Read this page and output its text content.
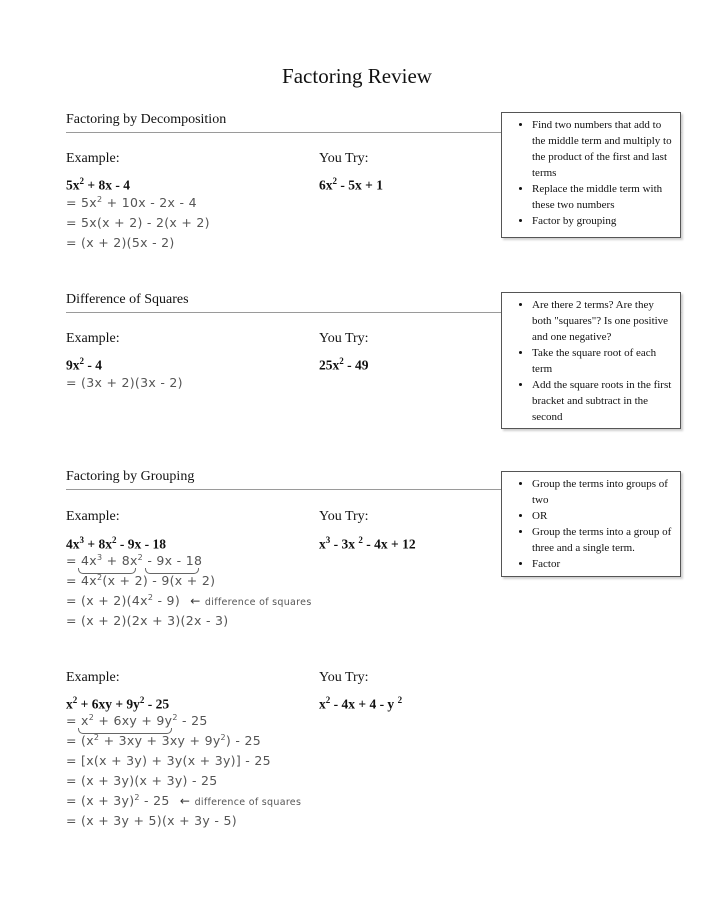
Factoring Review
Factoring by Decomposition	• Find two numbers that add to the middle term and multiply to the product of the first and last terms
• Replace the middle term with these two numbers
• Factor by grouping
Example:	You Try:
$5x^2 + 8x - 4$	$6x^2 - 5x + 1$
= $5x^2 + 10x - 2x - 4$
= 5x(x + 2) - 2(x + 2)
= (x + 2)(5x - 2)
Difference of Squares	• Are there 2 terms? Are they both "squares"? Is one positive and one negative?
• Take the square root of each term
• Add the square roots in the first bracket and subtract in the second
Example:	You Try:
$9x^2 - 4$	$25x^2 - 49$
= (3x + 2)(3x - 2)
Factoring by Grouping	• Group the terms into groups of two
• OR
• Group the terms into a group of three and a single term.
• Factor
Example:	You Try:
$4x^3 + 8x^2 - 9x - 18$	$x^3 - 3x$ $^2$ - 4x + 12
= $4x^3 + 8x^2 - 9x - 18$
= $4x^2(x + 2) - 9(x + 2)$
= $(x + 2)(4x^2 - 9)$ ← difference of squares
= (x + 2)(2x + 3)(2x - 3)
Example:	You Try:
$x^2 + 6xy + 9y^2 - 25$	$x^2 - 4x + 4 - y$ $^2$
= $x^2 + 6xy + 9y^2 - 25$
= $(x^2 + 3xy + 3xy + 9y^2) - 25$
= [x(x + 3y) + 3y(x + 3y)] - 25
= (x + 3y)(x + 3y) - 25
= $(x + 3y)^2 - 25$ ← difference of squares
= (x + 3y + 5)(x + 3y - 5)
